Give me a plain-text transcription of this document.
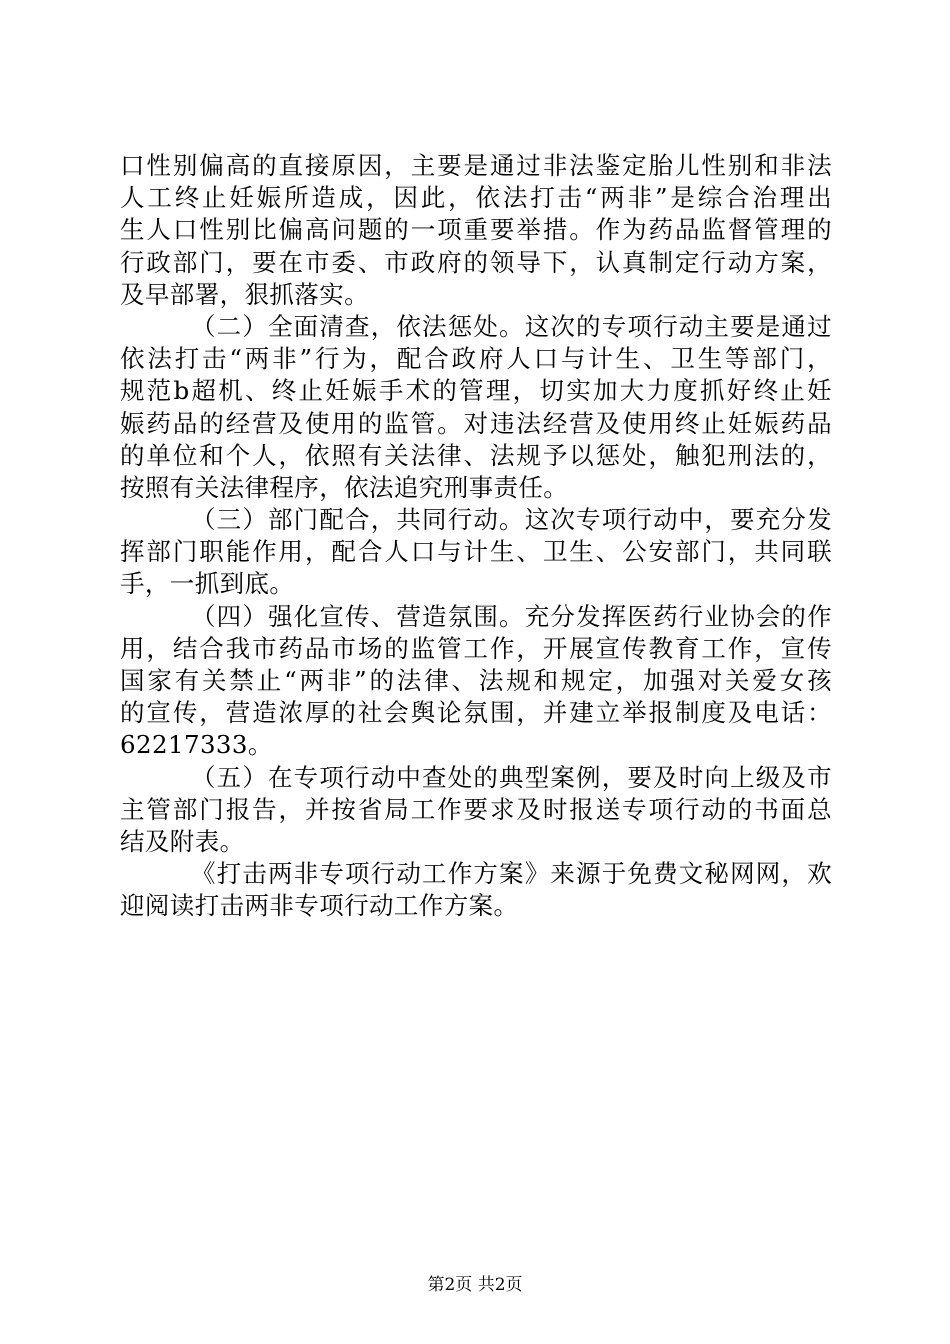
口性别偏高的直接原因，主要是通过非法鉴定胎儿性别和非法
人工终止妊娠所造成，因此，依法打击“两非”是综合治理出
生人口性别比偏高问题的一项重要举措。作为药品监督管理的
行政部门，要在市委、市政府的领导下，认真制定行动方案，
及早部署，狠抓落实。
（二）全面清查，依法惩处。这次的专项行动主要是通过
依法打击“两非”行为，配合政府人口与计生、卫生等部门，
规范b超机、终止妊娠手术的管理，切实加大力度抓好终止妊
娠药品的经营及使用的监管。对违法经营及使用终止妊娠药品
的单位和个人，依照有关法律、法规予以惩处，触犯刑法的，
按照有关法律程序，依法追究刑事责任。
（三）部门配合，共同行动。这次专项行动中，要充分发
挥部门职能作用，配合人口与计生、卫生、公安部门，共同联
手，一抓到底。
（四）强化宣传、营造氛围。充分发挥医药行业协会的作
用，结合我市药品市场的监管工作，开展宣传教育工作，宣传
国家有关禁止“两非”的法律、法规和规定，加强对关爱女孩
的宣传，营造浓厚的社会舆论氛围，并建立举报制度及电话：
62217333。
（五）在专项行动中查处的典型案例，要及时向上级及市
主管部门报告，并按省局工作要求及时报送专项行动的书面总
结及附表。
《打击两非专项行动工作方案》来源于免费文秘网网，欢
迎阅读打击两非专项行动工作方案。
第2页 共2页
